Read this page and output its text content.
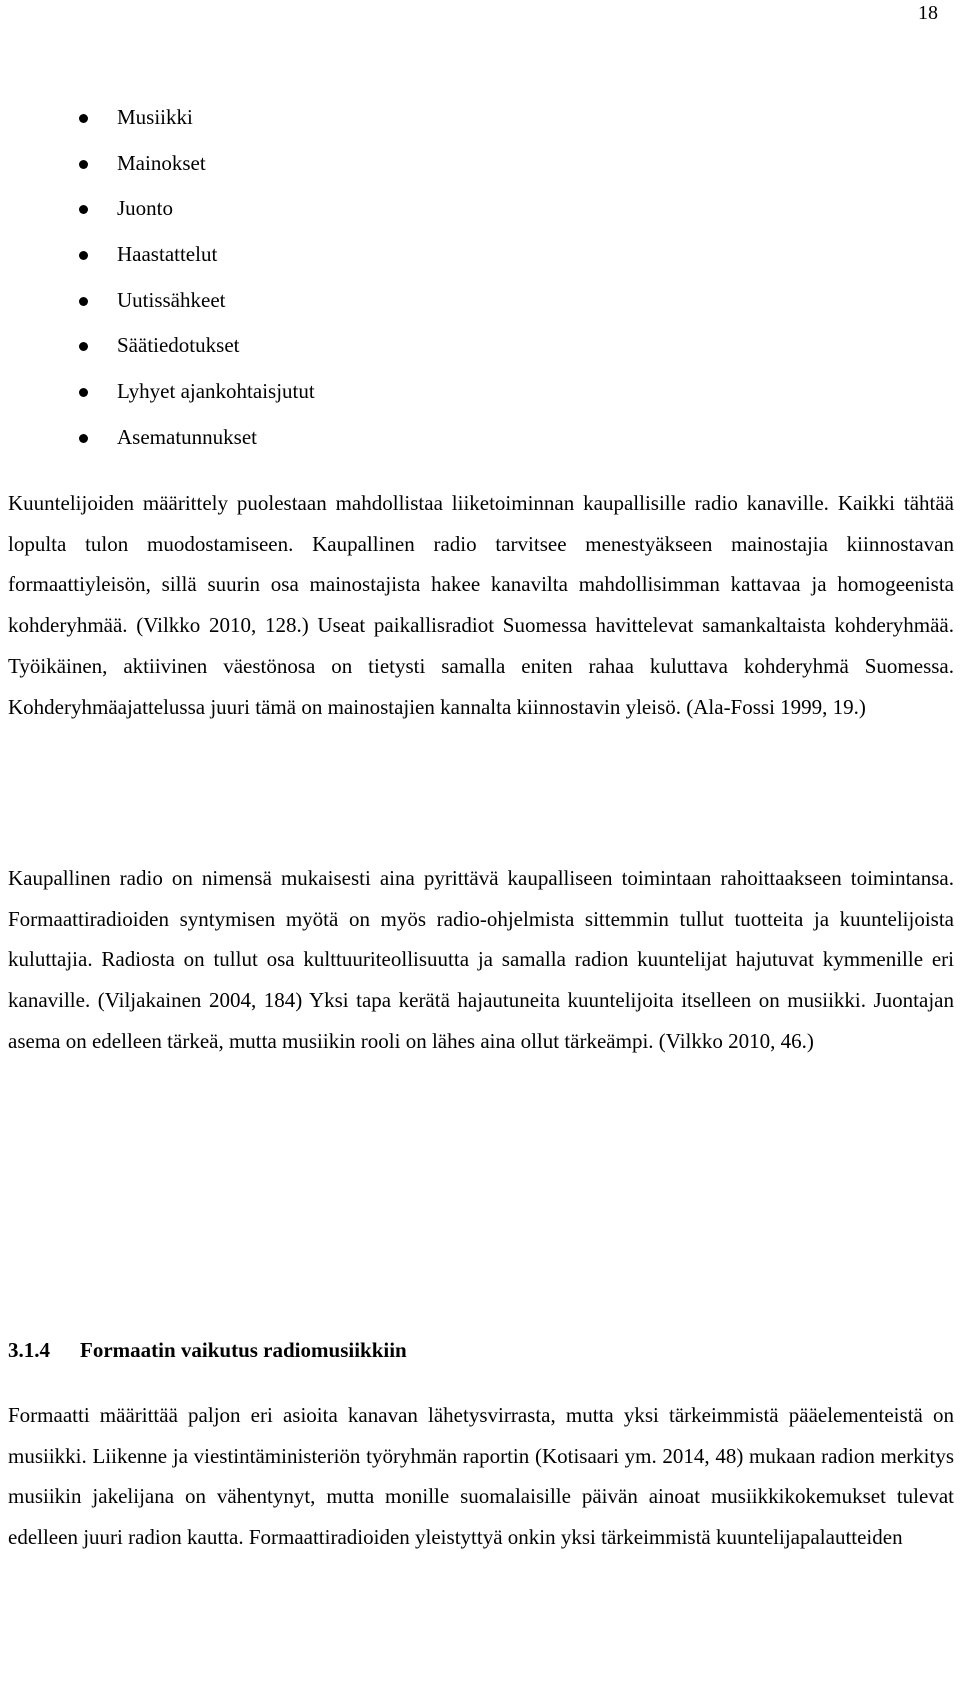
18
Musiikki
Mainokset
Juonto
Haastattelut
Uutissähkeet
Säätiedotukset
Lyhyet ajankohtaisjutut
Asematunnukset

Kuuntelijoiden määrittely puolestaan mahdollistaa liiketoiminnan kaupallisille radio kanaville. Kaikki tähtää lopulta tulon muodostamiseen. Kaupallinen radio tarvitsee menestyäkseen mainostajia kiinnostavan formaattiyleisön, sillä suurin osa mainostajista hakee kanavilta mahdollisimman kattavaa ja homogeenista kohderyhmää. (Vilkko 2010, 128.) Useat paikallisradiot Suomessa havittelevat samankaltaista kohderyhmää. Työikäinen, aktiivinen väestönosa on tietysti samalla eniten rahaa kuluttava kohderyhmä Suomessa. Kohderyhmäajattelussa juuri tämä on mainostajien kannalta kiinnostavin yleisö. (Ala-Fossi 1999, 19.)

Kaupallinen radio on nimensä mukaisesti aina pyrittävä kaupalliseen toimintaan rahoittaakseen toimintansa. Formaattiradioiden syntymisen myötä on myös radio-ohjelmista sittemmin tullut tuotteita ja kuuntelijoista kuluttajia. Radiosta on tullut osa kulttuuriteollisuutta ja samalla radion kuuntelijat hajutuvat kymmenille eri kanaville. (Viljakainen 2004, 184) Yksi tapa kerätä hajautuneita kuuntelijoita itselleen on musiikki. Juontajan asema on edelleen tärkeä, mutta musiikin rooli on lähes aina ollut tärkeämpi. (Vilkko 2010, 46.)

3.1.4 Formaatin vaikutus radiomusiikkiin

Formaatti määrittää paljon eri asioita kanavan lähetysvirrasta, mutta yksi tärkeimmistä pääelementeistä on musiikki. Liikenne ja viestintäministeriön työryhmän raportin (Kotisaari ym. 2014, 48) mukaan radion merkitys musiikin jakelijana on vähentynyt, mutta monille suomalaisille päivän ainoat musiikkikokemukset tulevat edelleen juuri radion kautta. Formaattiradioiden yleistyttyä onkin yksi tärkeimmistä kuuntelijapalautteiden
